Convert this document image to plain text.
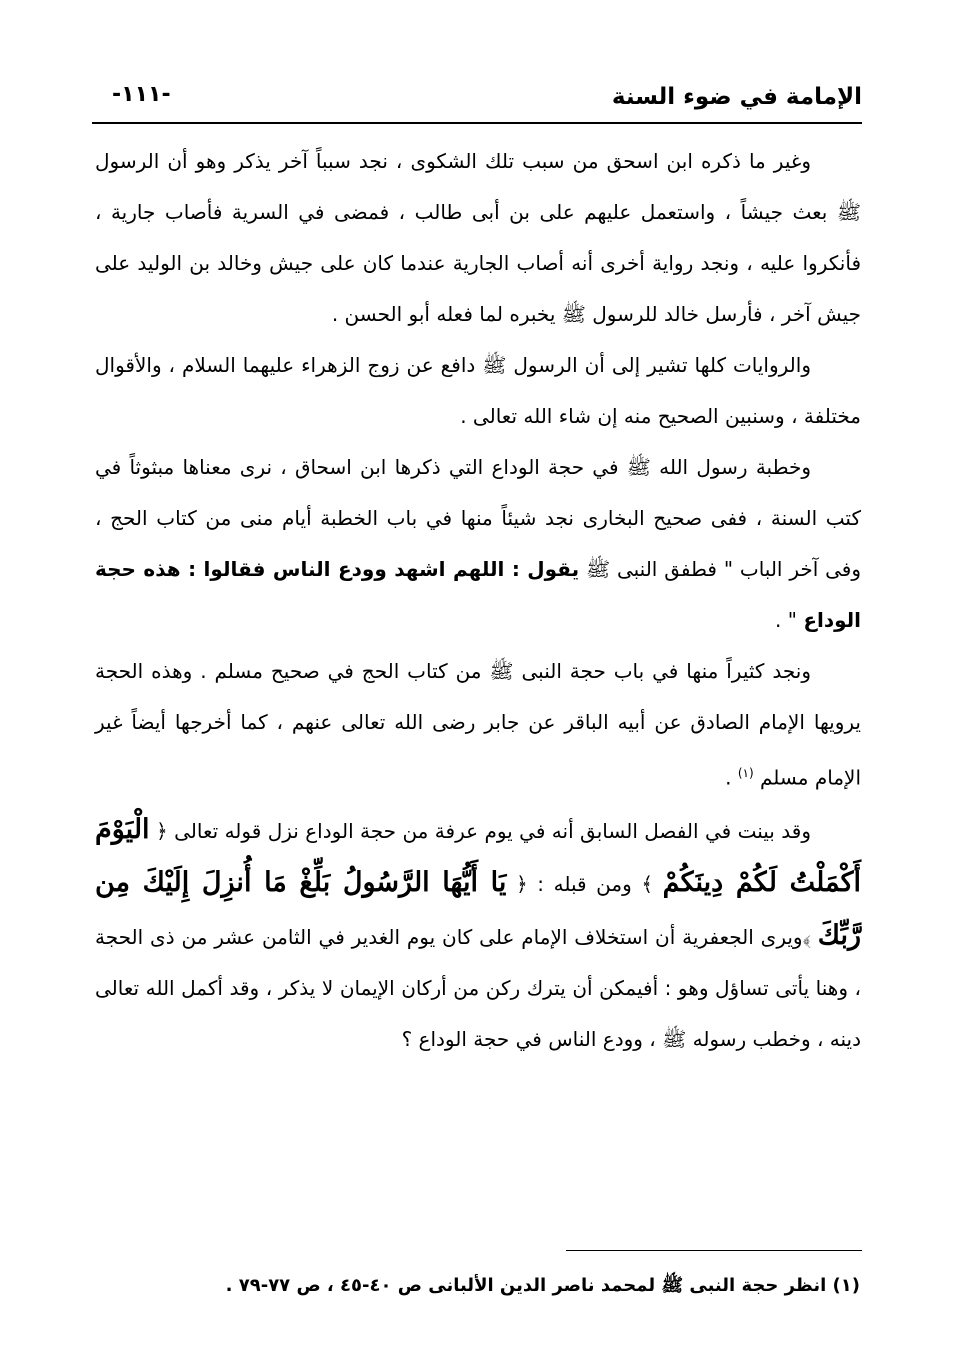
الإمامة في ضوء السنة
-١١١-

وغير ما ذكره ابن اسحق من سبب تلك الشكوى ، نجد سبباً آخر يذكر وهو أن الرسول ﷺ بعث جيشاً ، واستعمل عليهم على بن أبى طالب ، فمضى في السرية فأصاب جارية ، فأنكروا عليه ، ونجد رواية أخرى أنه أصاب الجارية عندما كان على جيش وخالد بن الوليد على جيش آخر ، فأرسل خالد للرسول ﷺ يخبره لما فعله أبو الحسن .

والروايات كلها تشير إلى أن الرسول ﷺ دافع عن زوج الزهراء عليهما السلام ، والأقوال مختلفة ، وسنبين الصحيح منه إن شاء الله تعالى .

وخطبة رسول الله ﷺ في حجة الوداع التي ذكرها ابن اسحاق ، نرى معناها مبثوثاً في كتب السنة ، ففى صحيح البخارى نجد شيئاً منها في باب الخطبة أيام منى من كتاب الحج ، وفى آخر الباب " فطفق النبى ﷺ يقول : اللهم اشهد وودع الناس فقالوا : هذه حجة الوداع " .

ونجد كثيراً منها في باب حجة النبى ﷺ من كتاب الحج في صحيح مسلم . وهذه الحجة يرويها الإمام الصادق عن أبيه الباقر عن جابر رضى الله تعالى عنهم ، كما أخرجها أيضاً غير الإمام مسلم $^{(١)}$ .

وقد بينت في الفصل السابق أنه في يوم عرفة من حجة الوداع نزل قوله تعالى ﴿ الْيَوْمَ أَكْمَلْتُ لَكُمْ دِينَكُمْ ﴾ ومن قبله : ﴿ يَا أَيُّهَا الرَّسُولُ بَلِّغْ مَا أُنزِلَ إِلَيْكَ مِن رَّبِّكَ ﴾ويرى الجعفرية أن استخلاف الإمام على كان يوم الغدير في الثامن عشر من ذى الحجة ، وهنا يأتى تساؤل وهو : أفيمكن أن يترك ركن من أركان الإيمان لا يذكر ، وقد أكمل الله تعالى دينه ، وخطب رسوله ﷺ ، وودع الناس في حجة الوداع ؟

(١) انظر حجة النبى ﷺ لمحمد ناصر الدين الألبانى ص ٤٠-٤٥ ، ص ٧٧-٧٩ .
